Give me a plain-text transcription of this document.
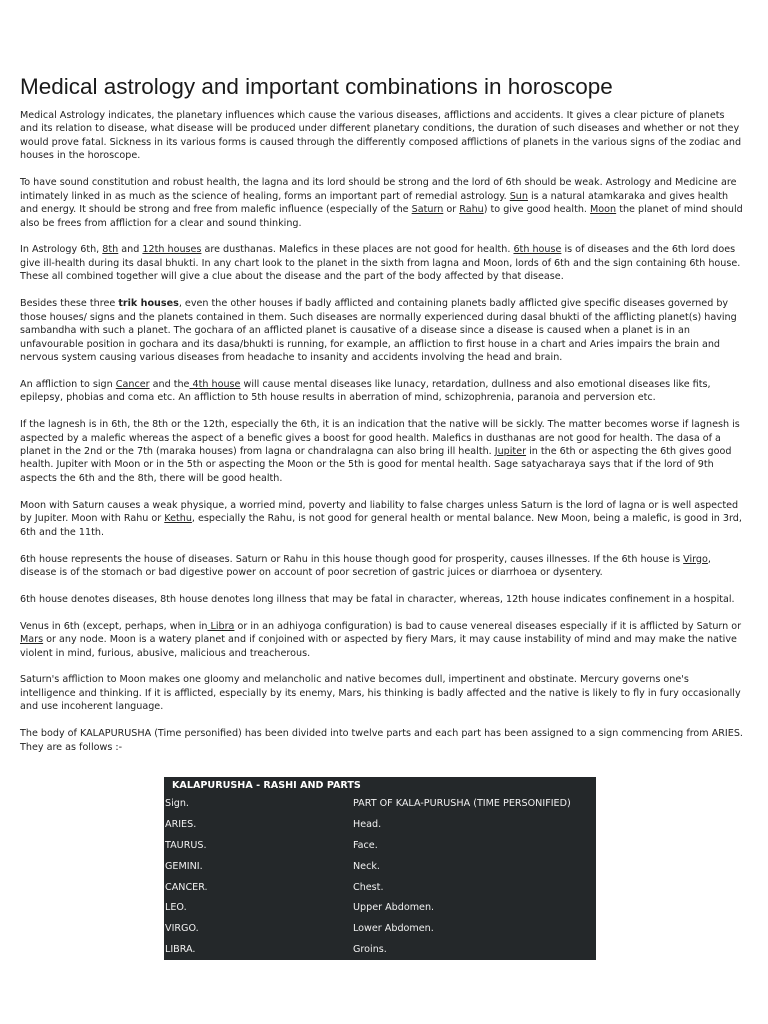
Medical astrology and important combinations in horoscope

Medical Astrology indicates, the planetary influences which cause the various diseases, afflictions and accidents. It gives a clear picture of planets and its relation to disease, what disease will be produced under different planetary conditions, the duration of such diseases and whether or not they would prove fatal. Sickness in its various forms is caused through the differently composed afflictions of planets in the various signs of the zodiac and houses in the horoscope.

To have sound constitution and robust health, the lagna and its lord should be strong and the lord of 6th should be weak. Astrology and Medicine are intimately linked in as much as the science of healing, forms an important part of remedial astrology. Sun is a natural atamkaraka and gives health and energy. It should be strong and free from malefic influence (especially of the Saturn or Rahu) to give good health. Moon the planet of mind should also be frees from affliction for a clear and sound thinking.

In Astrology 6th, 8th and 12th houses are dusthanas. Malefics in these places are not good for health. 6th house is of diseases and the 6th lord does give ill-health during its dasal bhukti. In any chart look to the planet in the sixth from lagna and Moon, lords of 6th and the sign containing 6th house. These all combined together will give a clue about the disease and the part of the body affected by that disease.

Besides these three trik houses, even the other houses if badly afflicted and containing planets badly afflicted give specific diseases governed by those houses/ signs and the planets contained in them. Such diseases are normally experienced during dasal bhukti of the afflicting planet(s) having sambandha with such a planet. The gochara of an afflicted planet is causative of a disease since a disease is caused when a planet is in an unfavourable position in gochara and its dasa/bhukti is running, for example, an affliction to first house in a chart and Aries impairs the brain and nervous system causing various diseases from headache to insanity and accidents involving the head and brain.

An affliction to sign Cancer and the 4th house will cause mental diseases like lunacy, retardation, dullness and also emotional diseases like fits, epilepsy, phobias and coma etc. An affliction to 5th house results in aberration of mind, schizophrenia, paranoia and perversion etc.

If the lagnesh is in 6th, the 8th or the 12th, especially the 6th, it is an indication that the native will be sickly. The matter becomes worse if lagnesh is aspected by a malefic whereas the aspect of a benefic gives a boost for good health. Malefics in dusthanas are not good for health. The dasa of a planet in the 2nd or the 7th (maraka houses) from lagna or chandralagna can also bring ill health. Jupiter in the 6th or aspecting the 6th gives good health. Jupiter with Moon or in the 5th or aspecting the Moon or the 5th is good for mental health. Sage satyacharaya says that if the lord of 9th aspects the 6th and the 8th, there will be good health.

Moon with Saturn causes a weak physique, a worried mind, poverty and liability to false charges unless Saturn is the lord of lagna or is well aspected by Jupiter. Moon with Rahu or Kethu, especially the Rahu, is not good for general health or mental balance. New Moon, being a malefic, is good in 3rd, 6th and the 11th.

6th house represents the house of diseases. Saturn or Rahu in this house though good for prosperity, causes illnesses. If the 6th house is Virgo, disease is of the stomach or bad digestive power on account of poor secretion of gastric juices or diarrhoea or dysentery.

6th house denotes diseases, 8th house denotes long illness that may be fatal in character, whereas, 12th house indicates confinement in a hospital.

Venus in 6th (except, perhaps, when in Libra or in an adhiyoga configuration) is bad to cause venereal diseases especially if it is afflicted by Saturn or Mars or any node. Moon is a watery planet and if conjoined with or aspected by fiery Mars, it may cause instability of mind and may make the native violent in mind, furious, abusive, malicious and treacherous.

Saturn's affliction to Moon makes one gloomy and melancholic and native becomes dull, impertinent and obstinate. Mercury governs one's intelligence and thinking. If it is afflicted, especially by its enemy, Mars, his thinking is badly affected and the native is likely to fly in fury occasionally and use incoherent language.

The body of KALAPURUSHA (Time personified) has been divided into twelve parts and each part has been assigned to a sign commencing from ARIES. They are as follows :-

KALAPURUSHA - RASHI AND PARTS	
Sign.	PART OF KALA-PURUSHA (TIME PERSONIFIED)
ARIES.	Head.
TAURUS.	Face.
GEMINI.	Neck.
CANCER.	Chest.
LEO.	Upper Abdomen.
VIRGO.	Lower Abdomen.
LIBRA.	Groins.
